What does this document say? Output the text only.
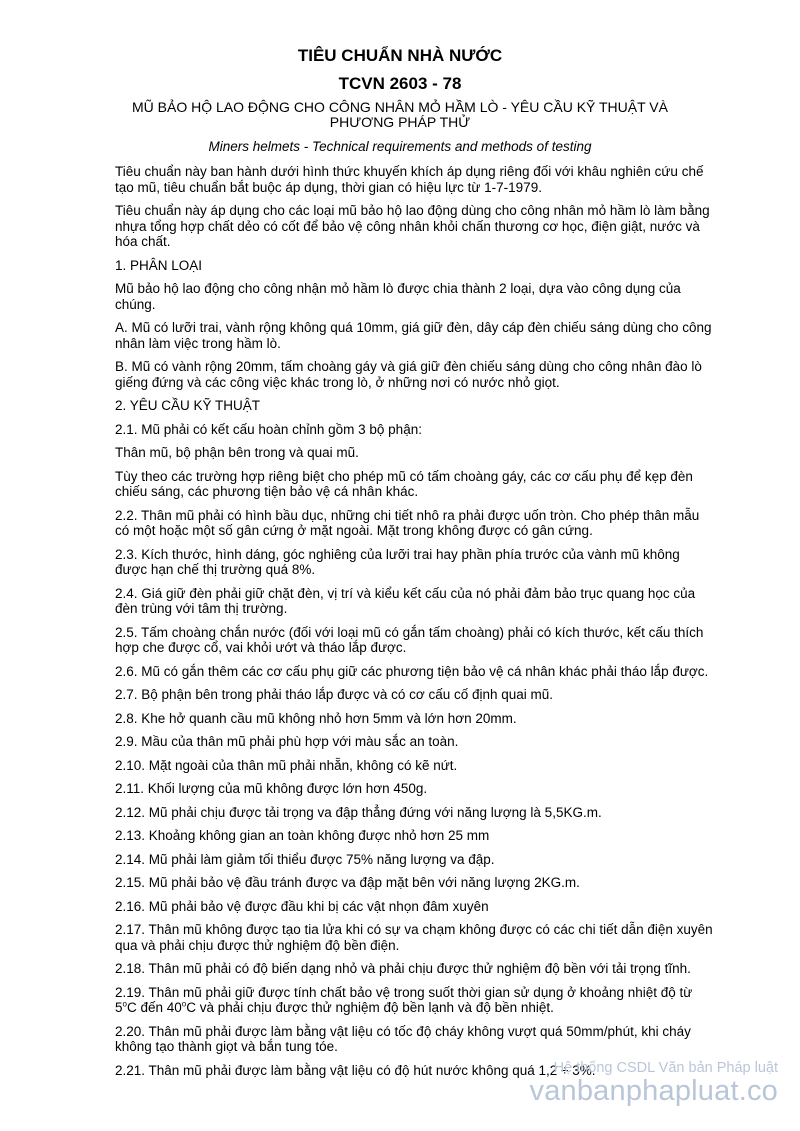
TIÊU CHUẨN NHÀ NƯỚC
TCVN 2603 - 78
MŨ BẢO HỘ LAO ĐỘNG CHO CÔNG NHÂN MỎ HẦM LÒ - YÊU CẦU KỸ THUẬT VÀ PHƯƠNG PHÁP THỬ
Miners helmets - Technical requirements and methods of testing

Tiêu chuẩn này ban hành dưới hình thức khuyến khích áp dụng riêng đối với khâu nghiên cứu chế tạo mũ, tiêu chuẩn bắt buộc áp dụng, thời gian có hiệu lực từ 1-7-1979.

Tiêu chuẩn này áp dụng cho các loại mũ bảo hộ lao động dùng cho công nhân mỏ hầm lò làm bằng nhựa tổng hợp chất dẻo có cốt để bảo vệ công nhân khỏi chấn thương cơ học, điện giật, nước và hóa chất.

1. PHÂN LOẠI

Mũ bảo hộ lao động cho công nhận mỏ hầm lò được chia thành 2 loại, dựa vào công dụng của chúng.

A. Mũ có lưỡi trai, vành rộng không quá 10mm, giá giữ đèn, dây cáp đèn chiếu sáng dùng cho công nhân làm việc trong hầm lò.

B. Mũ có vành rộng 20mm, tấm choàng gáy và giá giữ đèn chiếu sáng dùng cho công nhân đào lò giếng đứng và các công việc khác trong lò, ở những nơi có nước nhỏ giọt.

2. YÊU CẦU KỸ THUẬT

2.1. Mũ phải có kết cấu hoàn chỉnh gồm 3 bộ phận:

Thân mũ, bộ phận bên trong và quai mũ.

Tùy theo các trường hợp riêng biệt cho phép mũ có tấm choàng gáy, các cơ cấu phụ để kẹp đèn chiếu sáng, các phương tiện bảo vệ cá nhân khác.

2.2. Thân mũ phải có hình bầu dục, những chi tiết nhô ra phải được uốn tròn. Cho phép thân mẫu có một hoặc một số gân cứng ở mặt ngoài. Mặt trong không được có gân cứng.

2.3. Kích thước, hình dáng, góc nghiêng của lưỡi trai hay phần phía trước của vành mũ không được hạn chế thị trường quá 8%.

2.4. Giá giữ đèn phải giữ chặt đèn, vị trí và kiểu kết cấu của nó phải đảm bảo trục quang học của đèn trùng với tâm thị trường.

2.5. Tấm choàng chắn nước (đối với loại mũ có gắn tấm choàng) phải có kích thước, kết cấu thích hợp che được cổ, vai khỏi ướt và tháo lắp được.

2.6. Mũ có gắn thêm các cơ cấu phụ giữ các phương tiện bảo vệ cá nhân khác phải tháo lắp được.

2.7. Bộ phận bên trong phải tháo lắp được và có cơ cấu cố định quai mũ.

2.8. Khe hở quanh cầu mũ không nhỏ hơn 5mm và lớn hơn 20mm.

2.9. Mầu của thân mũ phải phù hợp với màu sắc an toàn.

2.10. Mặt ngoài của thân mũ phải nhẵn, không có kẽ nứt.

2.11. Khối lượng của mũ không được lớn hơn 450g.

2.12. Mũ phải chịu được tải trọng va đập thẳng đứng với năng lượng là 5,5KG.m.

2.13. Khoảng không gian an toàn không được nhỏ hơn 25 mm

2.14. Mũ phải làm giảm tối thiểu được 75% năng lượng va đập.

2.15. Mũ phải bảo vệ đầu tránh được va đập mặt bên với năng lượng 2KG.m.

2.16. Mũ phải bảo vệ được đầu khi bị các vật nhọn đâm xuyên

2.17. Thân mũ không được tạo tia lửa khi có sự va chạm không được có các chi tiết dẫn điện xuyên qua và phải chịu được thử nghiệm độ bền điện.

2.18. Thân mũ phải có độ biến dạng nhỏ và phải chịu được thử nghiệm độ bền với tải trọng tĩnh.

2.19. Thân mũ phải giữ được tính chất bảo vệ trong suốt thời gian sử dụng ở khoảng nhiệt độ từ 5$^o$C đến 40$^o$C và phải chịu được thử nghiệm độ bền lạnh và độ bền nhiệt.

2.20. Thân mũ phải được làm bằng vật liệu có tốc độ cháy không vượt quá 50mm/phút, khi cháy không tạo thành giọt và bắn tung tóe.

2.21. Thân mũ phải được làm bằng vật liệu có độ hút nước không quá 1,2 ÷ 3%.

Hệ thống CSDL Văn bản Pháp luật
vanbanphapluat.co
